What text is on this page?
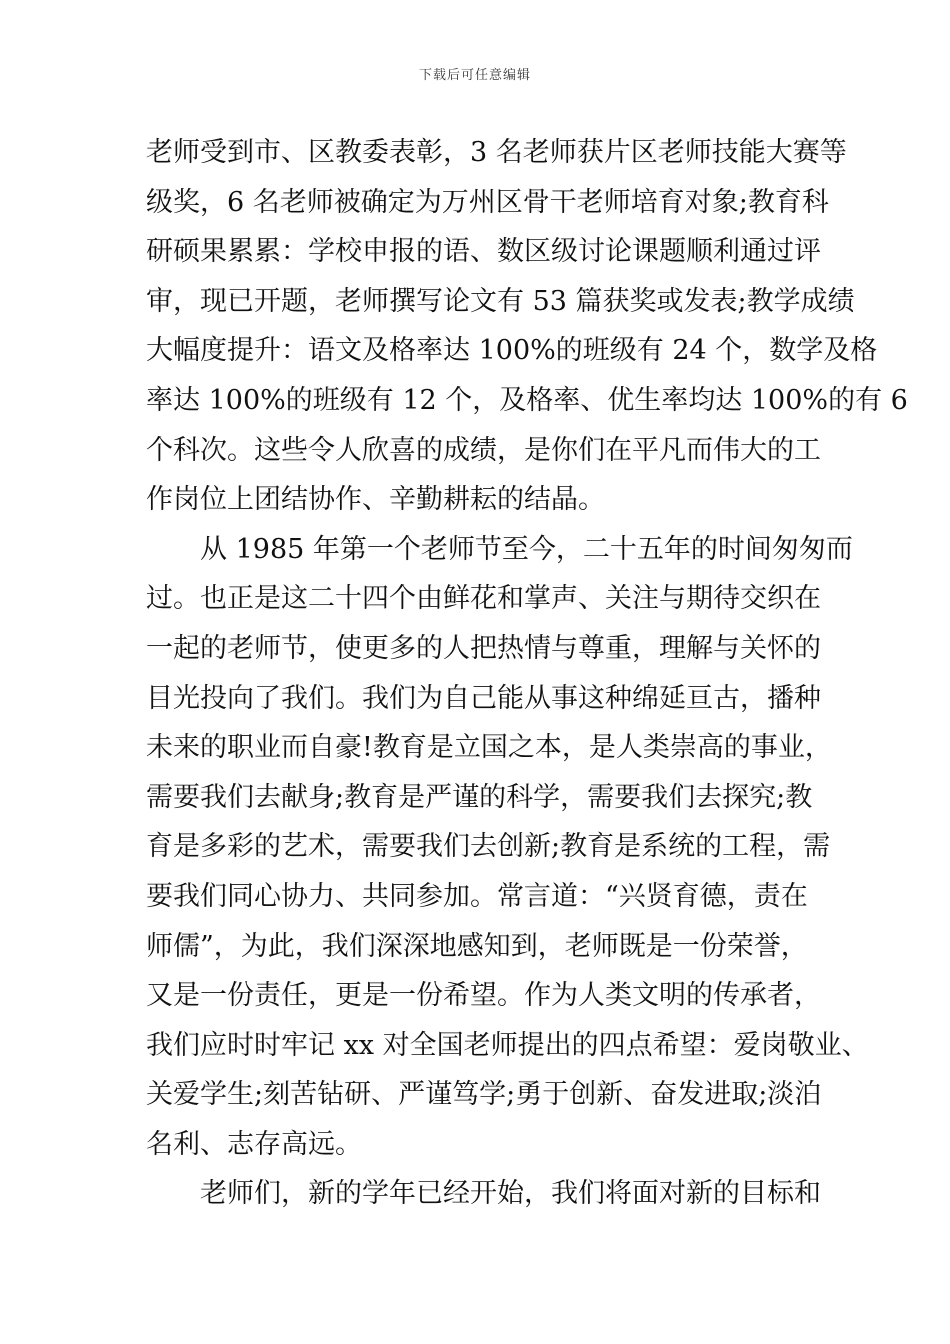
下载后可任意编辑
老师受到市、区教委表彰，3 名老师获片区老师技能大赛等
级奖，6 名老师被确定为万州区骨干老师培育对象;教育科
研硕果累累：学校申报的语、数区级讨论课题顺利通过评
审，现已开题，老师撰写论文有 53 篇获奖或发表;教学成绩
大幅度提升：语文及格率达 100%的班级有 24 个，数学及格
率达 100%的班级有 12 个，及格率、优生率均达 100%的有 6
个科次。这些令人欣喜的成绩，是你们在平凡而伟大的工
作岗位上团结协作、辛勤耕耘的结晶。
从 1985 年第一个老师节至今，二十五年的时间匆匆而
过。也正是这二十四个由鲜花和掌声、关注与期待交织在
一起的老师节，使更多的人把热情与尊重，理解与关怀的
目光投向了我们。我们为自己能从事这种绵延亘古，播种
未来的职业而自豪!教育是立国之本，是人类崇高的事业，
需要我们去献身;教育是严谨的科学，需要我们去探究;教
育是多彩的艺术，需要我们去创新;教育是系统的工程，需
要我们同心协力、共同参加。常言道：“兴贤育德，责在
师儒”，为此，我们深深地感知到，老师既是一份荣誉，
又是一份责任，更是一份希望。作为人类文明的传承者，
我们应时时牢记 xx 对全国老师提出的四点希望：爱岗敬业、
关爱学生;刻苦钻研、严谨笃学;勇于创新、奋发进取;淡泊
名利、志存高远。
老师们，新的学年已经开始，我们将面对新的目标和
